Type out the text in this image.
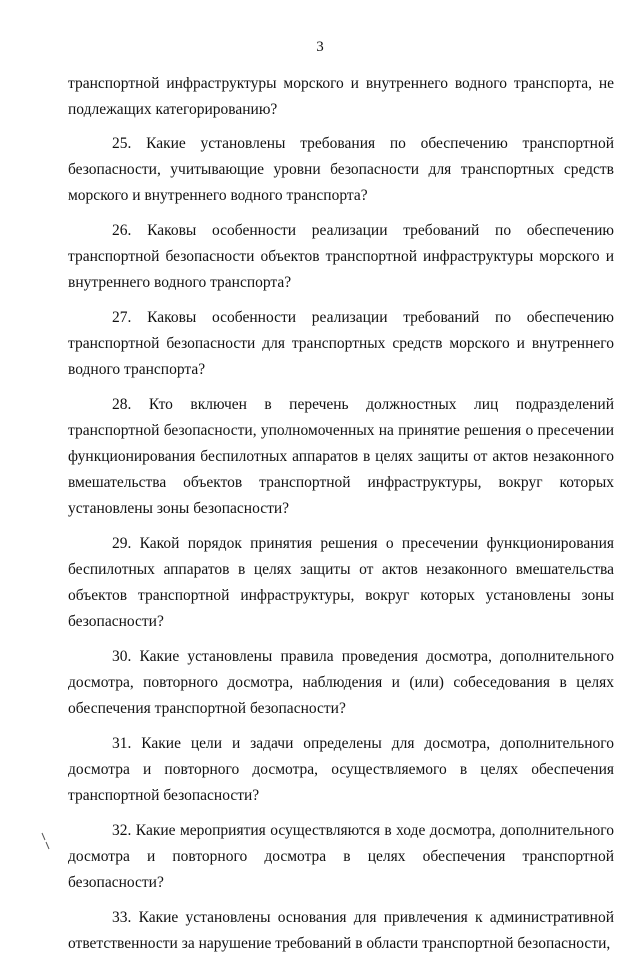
3

транспортной инфраструктуры морского и внутреннего водного транспорта, не подлежащих категорированию?

25. Какие установлены требования по обеспечению транспортной безопасности, учитывающие уровни безопасности для транспортных средств морского и внутреннего водного транспорта?

26. Каковы особенности реализации требований по обеспечению транспортной безопасности объектов транспортной инфраструктуры морского и внутреннего водного транспорта?

27. Каковы особенности реализации требований по обеспечению транспортной безопасности для транспортных средств морского и внутреннего водного транспорта?

28. Кто включен в перечень должностных лиц подразделений транспортной безопасности, уполномоченных на принятие решения о пресечении функционирования беспилотных аппаратов в целях защиты от актов незаконного вмешательства объектов транспортной инфраструктуры, вокруг которых установлены зоны безопасности?

29. Какой порядок принятия решения о пресечении функционирования беспилотных аппаратов в целях защиты от актов незаконного вмешательства объектов транспортной инфраструктуры, вокруг которых установлены зоны безопасности?

30. Какие установлены правила проведения досмотра, дополнительного досмотра, повторного досмотра, наблюдения и (или) собеседования в целях обеспечения транспортной безопасности?

31. Какие цели и задачи определены для досмотра, дополнительного досмотра и повторного досмотра, осуществляемого в целях обеспечения транспортной безопасности?

32. Какие мероприятия осуществляются в ходе досмотра, дополнительного досмотра и повторного досмотра в целях обеспечения транспортной безопасности?

33. Какие установлены основания для привлечения к административной ответственности за нарушение требований в области транспортной безопасности,
